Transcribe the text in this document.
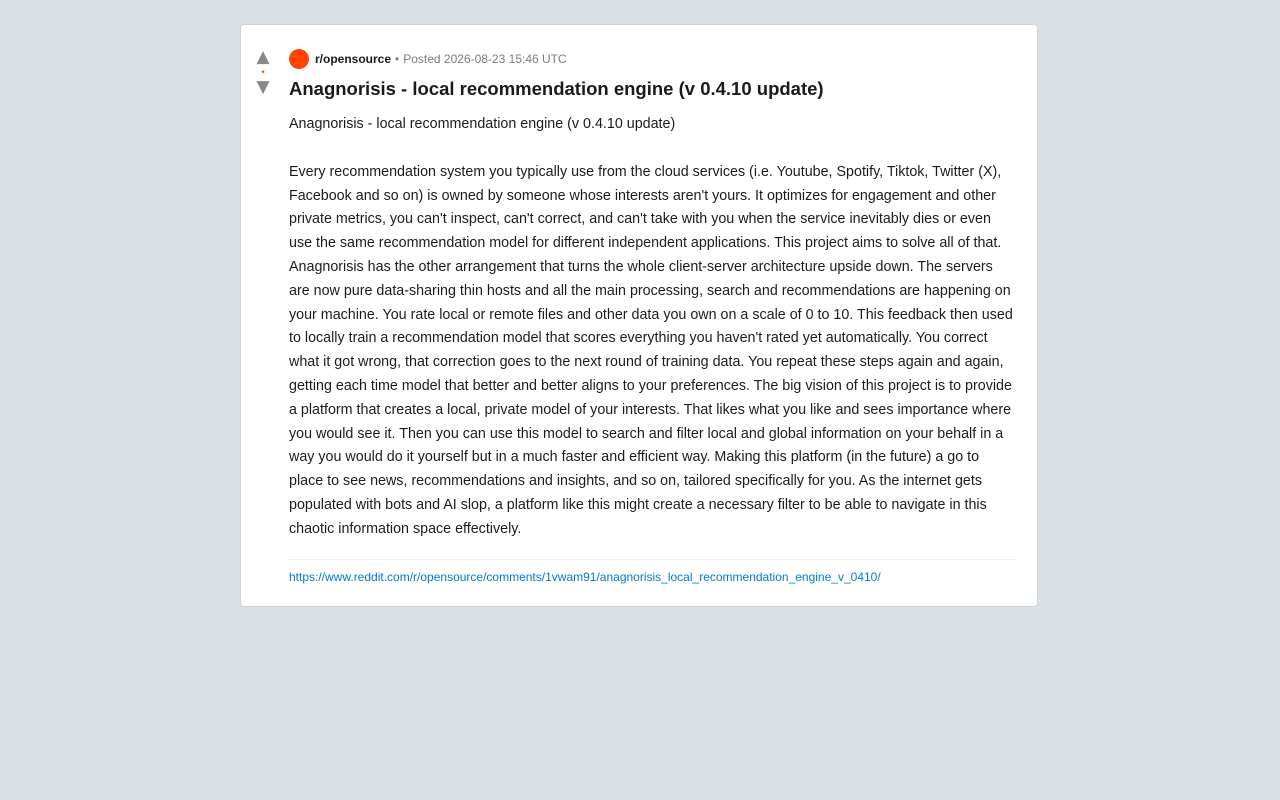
▲
•
▼
r/opensource • Posted 2026-08-23 15:46 UTC
Anagnorisis - local recommendation engine (v 0.4.10 update)

Anagnorisis - local recommendation engine (v 0.4.10 update)

Every recommendation system you typically use from the cloud services (i.e. Youtube, Spotify, Tiktok, Twitter (X), Facebook and so on) is owned by someone whose interests aren't yours. It optimizes for engagement and other private metrics, you can't inspect, can't correct, and can't take with you when the service inevitably dies or even use the same recommendation model for different independent applications. This project aims to solve all of that. Anagnorisis has the other arrangement that turns the whole client-server architecture upside down. The servers are now pure data-sharing thin hosts and all the main processing, search and recommendations are happening on your machine. You rate local or remote files and other data you own on a scale of 0 to 10. This feedback then used to locally train a recommendation model that scores everything you haven't rated yet automatically. You correct what it got wrong, that correction goes to the next round of training data. You repeat these steps again and again, getting each time model that better and better aligns to your preferences. The big vision of this project is to provide a platform that creates a local, private model of your interests. That likes what you like and sees importance where you would see it. Then you can use this model to search and filter local and global information on your behalf in a way you would do it yourself but in a much faster and efficient way. Making this platform (in the future) a go to place to see news, recommendations and insights, and so on, tailored specifically for you. As the internet gets populated with bots and AI slop, a platform like this might create a necessary filter to be able to navigate in this chaotic information space effectively.

https://www.reddit.com/r/opensource/comments/1vwam91/anagnorisis_local_recommendation_engine_v_0410/
